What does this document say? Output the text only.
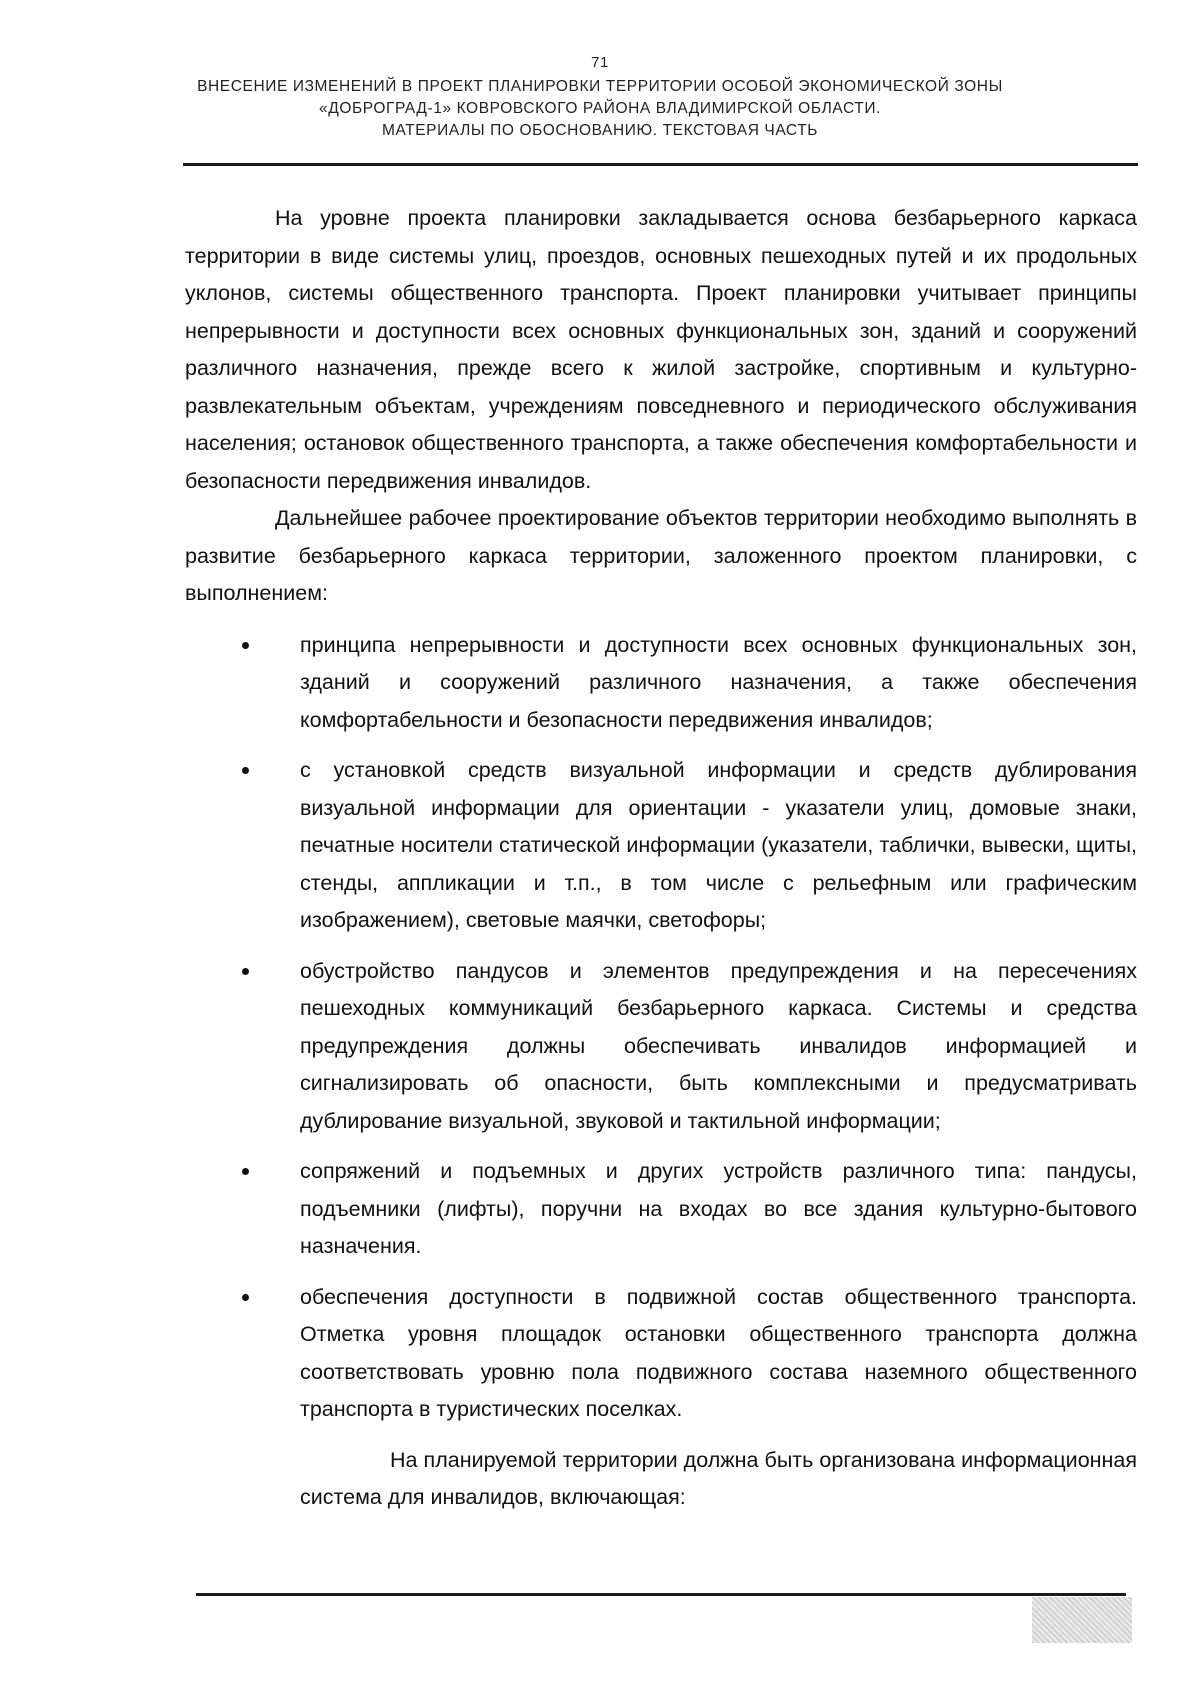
71
ВНЕСЕНИЕ ИЗМЕНЕНИЙ В ПРОЕКТ ПЛАНИРОВКИ ТЕРРИТОРИИ ОСОБОЙ ЭКОНОМИЧЕСКОЙ ЗОНЫ
«ДОБРОГРАД-1» КОВРОВСКОГО РАЙОНА ВЛАДИМИРСКОЙ ОБЛАСТИ.
МАТЕРИАЛЫ ПО ОБОСНОВАНИЮ. ТЕКСТОВАЯ ЧАСТЬ

На уровне проекта планировки закладывается основа безбарьерного каркаса территории в виде системы улиц, проездов, основных пешеходных путей и их продольных уклонов, системы общественного транспорта. Проект планировки учитывает принципы непрерывности и доступности всех основных функциональных зон, зданий и сооружений различного назначения, прежде всего к жилой застройке, спортивным и культурно-развлекательным объектам, учреждениям повседневного и периодического обслуживания населения; остановок общественного транспорта, а также обеспечения комфортабельности и безопасности передвижения инвалидов.

Дальнейшее рабочее проектирование объектов территории необходимо выполнять в развитие безбарьерного каркаса территории, заложенного проектом планировки, с выполнением:

принципа непрерывности и доступности всех основных функциональных зон, зданий и сооружений различного назначения, а также обеспечения комфортабельности и безопасности передвижения инвалидов;
с установкой средств визуальной информации и средств дублирования визуальной информации для ориентации - указатели улиц, домовые знаки, печатные носители статической информации (указатели, таблички, вывески, щиты, стенды, аппликации и т.п., в том числе с рельефным или графическим изображением), световые маячки, светофоры;
обустройство пандусов и элементов предупреждения и на пересечениях пешеходных коммуникаций безбарьерного каркаса. Системы и средства предупреждения должны обеспечивать инвалидов информацией и сигнализировать об опасности, быть комплексными и предусматривать дублирование визуальной, звуковой и тактильной информации;
сопряжений и подъемных и других устройств различного типа: пандусы, подъемники (лифты), поручни на входах во все здания культурно-бытового назначения.
обеспечения доступности в подвижной состав общественного транспорта. Отметка уровня площадок остановки общественного транспорта должна соответствовать уровню пола подвижного состава наземного общественного транспорта в туристических поселках.

На планируемой территории должна быть организована информационная система для инвалидов, включающая:
